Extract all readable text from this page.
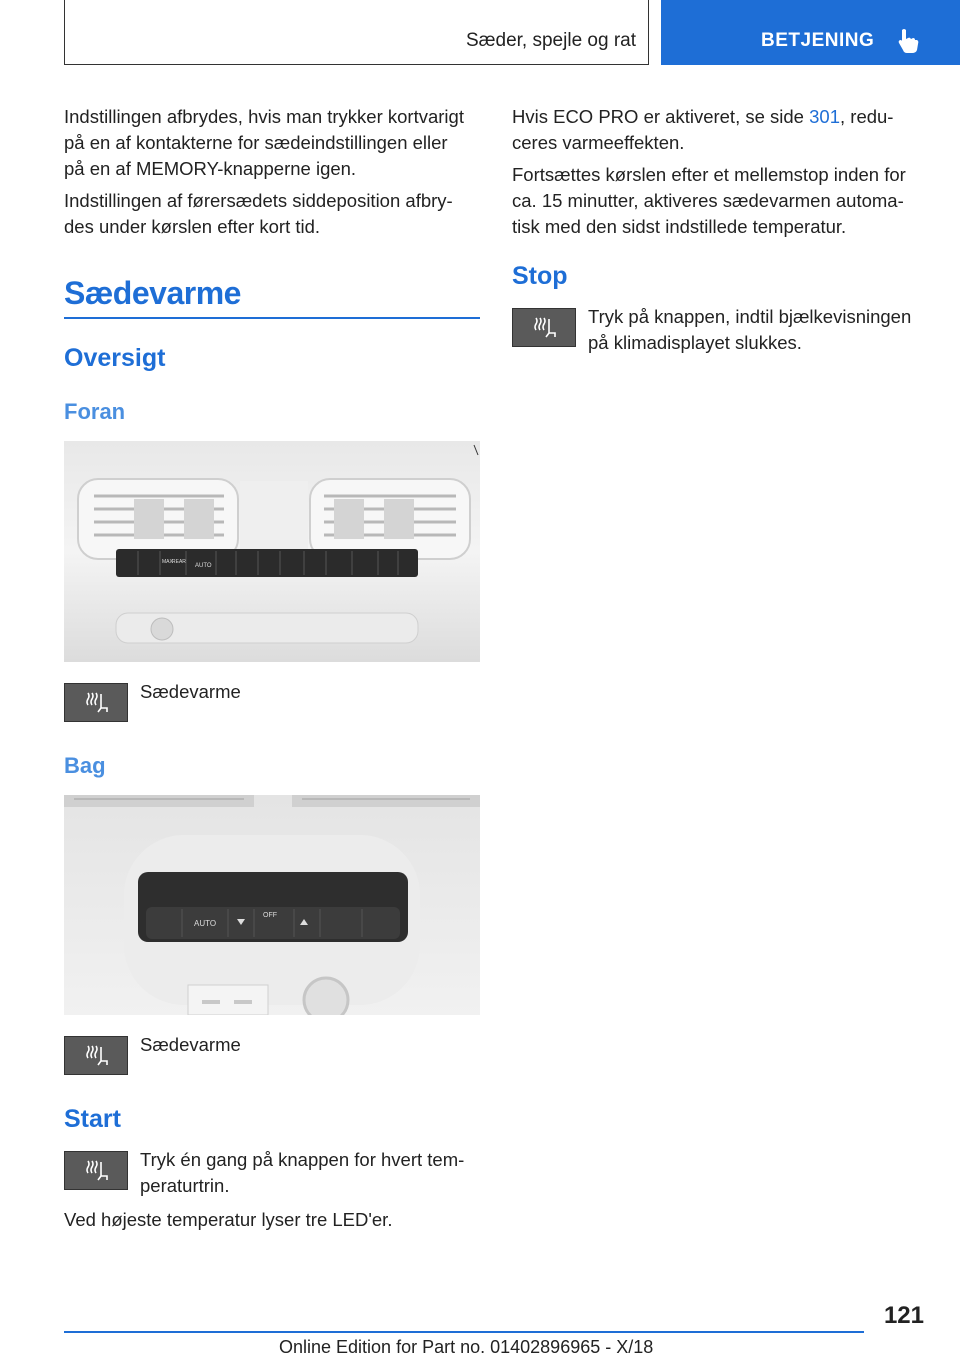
Sæder, spejle og rat	BETJENING
Indstillingen afbrydes, hvis man trykker kortvarigt
på en af kontakterne for sædeindstillingen eller
på en af MEMORY-knapperne igen.
Indstillingen af førersædets siddeposition afbry-
des under kørslen efter kort tid.
Sædevarme
Oversigt
Foran
AUTO
MAX REAR
Sædevarme
Bag
AUTO
OFF
Sædevarme
Start
Tryk én gang på knappen for hvert tem-
peraturtrin.
Ved højeste temperatur lyser tre LED'er.
Hvis ECO PRO er aktiveret, se side 301, redu-
ceres varmeeffekten.
Fortsættes kørslen efter et mellemstop inden for
ca. 15 minutter, aktiveres sædevarmen automa-
tisk med den sidst indstillede temperatur.
Stop
Tryk på knappen, indtil bjælkevisningen
på klimadisplayet slukkes.
121
Online Edition for Part no. 01402896965 - X/18
